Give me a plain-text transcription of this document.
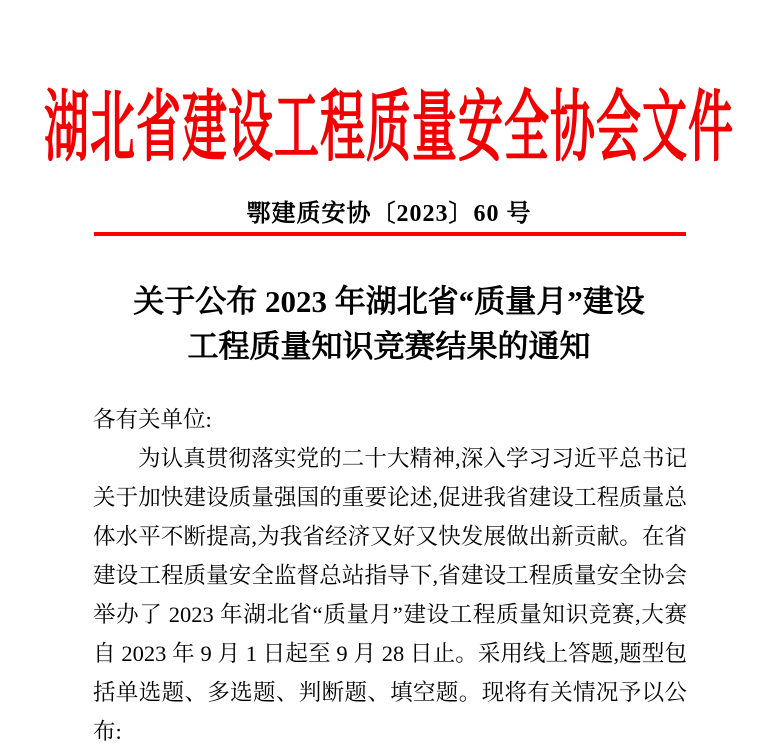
湖北省建设工程质量安全协会文件
鄂建质安协〔2023〕60 号
关于公布 2023 年湖北省“质量月”建设
工程质量知识竞赛结果的通知
各有关单位:
为认真贯彻落实党的二十大精神,深入学习习近平总书记
关于加快建设质量强国的重要论述,促进我省建设工程质量总
体水平不断提高,为我省经济又好又快发展做出新贡献。在省
建设工程质量安全监督总站指导下,省建设工程质量安全协会
举办了 2023 年湖北省“质量月”建设工程质量知识竞赛,大赛
自 2023 年 9 月 1 日起至 9 月 28 日止。采用线上答题,题型包
括单选题、多选题、判断题、填空题。现将有关情况予以公
布:
